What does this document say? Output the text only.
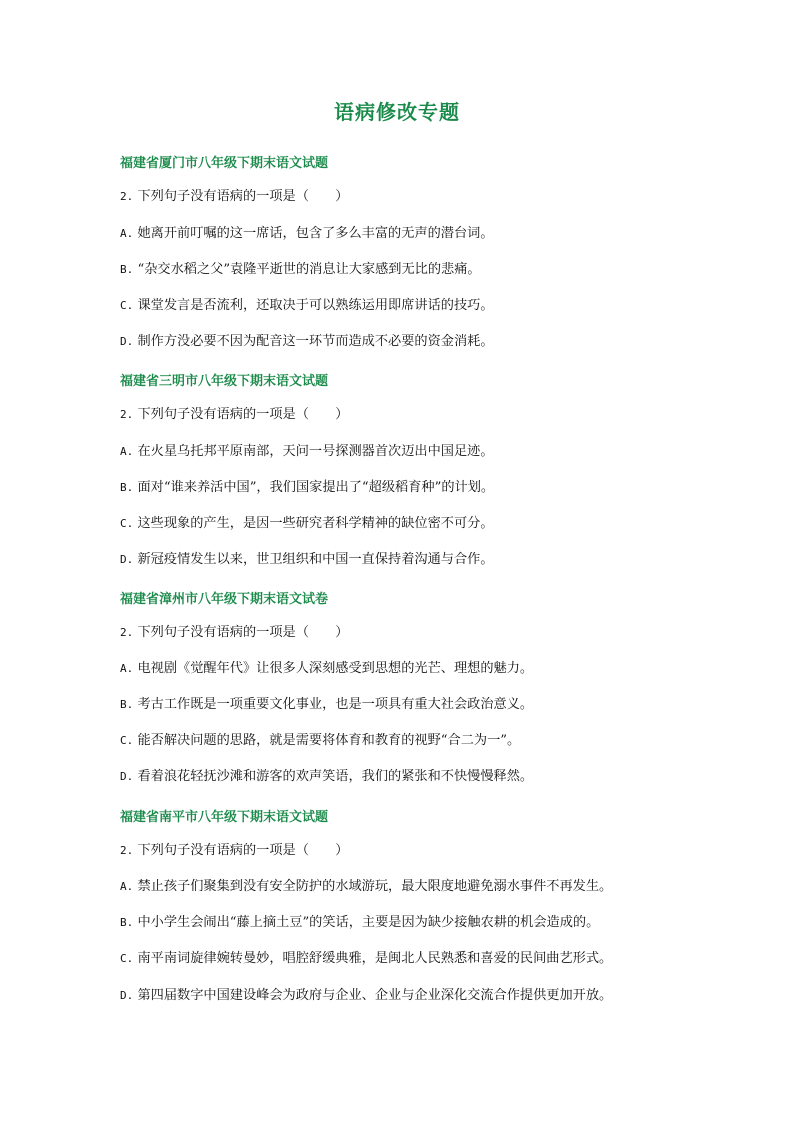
语病修改专题
福建省厦门市八年级下期末语文试题
2. 下列句子没有语病的一项是（　　）
A. 她离开前叮嘱的这一席话，包含了多么丰富的无声的潜台词。
B. “杂交水稻之父”袁隆平逝世的消息让大家感到无比的悲痛。
C. 课堂发言是否流利，还取决于可以熟练运用即席讲话的技巧。
D. 制作方没必要不因为配音这一环节而造成不必要的资金消耗。
福建省三明市八年级下期末语文试题
2. 下列句子没有语病的一项是（　　）
A. 在火星乌托邦平原南部，天问一号探测器首次迈出中国足迹。
B. 面对“谁来养活中国”，我们国家提出了“超级稻育种”的计划。
C. 这些现象的产生，是因一些研究者科学精神的缺位密不可分。
D. 新冠疫情发生以来，世卫组织和中国一直保持着沟通与合作。
福建省漳州市八年级下期末语文试卷
2. 下列句子没有语病的一项是（　　）
A. 电视剧《觉醒年代》让很多人深刻感受到思想的光芒、理想的魅力。
B. 考古工作既是一项重要文化事业，也是一项具有重大社会政治意义。
C. 能否解决问题的思路，就是需要将体育和教育的视野“合二为一”。
D. 看着浪花轻抚沙滩和游客的欢声笑语，我们的紧张和不快慢慢释然。
福建省南平市八年级下期末语文试题
2. 下列句子没有语病的一项是（　　）
A. 禁止孩子们聚集到没有安全防护的水域游玩，最大限度地避免溺水事件不再发生。
B. 中小学生会闹出“藤上摘土豆”的笑话，主要是因为缺少接触农耕的机会造成的。
C. 南平南词旋律婉转曼妙，唱腔舒缓典雅，是闽北人民熟悉和喜爱的民间曲艺形式。
D. 第四届数字中国建设峰会为政府与企业、企业与企业深化交流合作提供更加开放。
